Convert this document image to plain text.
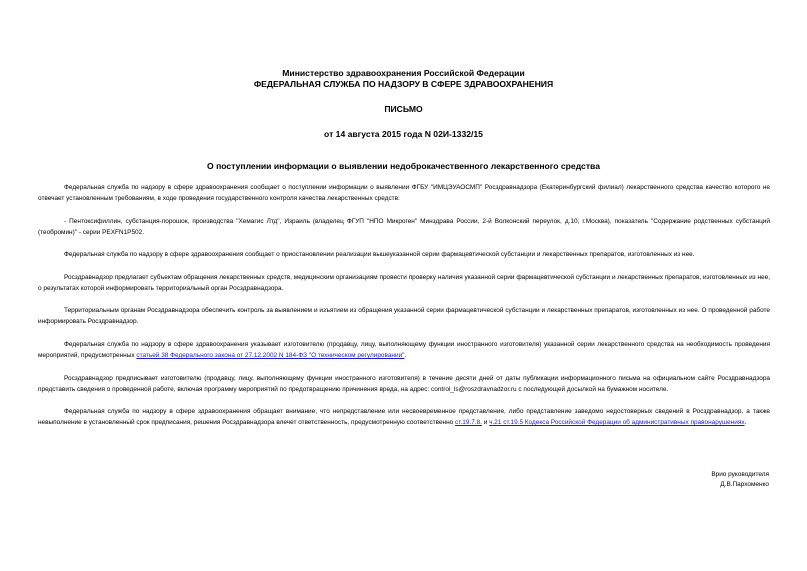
Министерство здравоохранения Российской Федерации
ФЕДЕРАЛЬНАЯ СЛУЖБА ПО НАДЗОРУ В СФЕРЕ ЗДРАВООХРАНЕНИЯ
ПИСЬМО
от 14 августа 2015 года N 02И-1332/15
О поступлении информации о выявлении недоброкачественного лекарственного средства

Федеральная служба по надзору в сфере здравоохранения сообщает о поступлении информации о выявлении ФГБУ "ИМЦЭУАОСМП" Росздравнадзора (Екатеринбургский филиал) лекарственного средства качество которого не отвечает установленным требованиям, в ходе проведения государственного контроля качества лекарственных средств:

- Пентоксифиллин, субстанция-порошок, производства "Хемагис Лтд", Израиль (владелец ФГУП "НПО Микроген" Минздрава России, 2-й Волконский переулок, д.10, г.Москва), показатель "Содержание родственных субстанций (теобромин)" - серии PEXFN1P502.

Федеральная служба по надзору в сфере здравоохранения сообщает о приостановлении реализации вышеуказанной серии фармацевтической субстанции и лекарственных препаратов, изготовленных из нее.

Росздравнадзор предлагает субъектам обращения лекарственных средств, медицинским организациям провести проверку наличия указанной серии фармацевтической субстанции и лекарственных препаратов, изготовленных из нее, о результатах которой информировать территориальный орган Росздравнадзора.

Территориальным органам Росздравнадзора обеспечить контроль за выявлением и изъятием из обращения указанной серии фармацевтической субстанции и лекарственных препаратов, изготовленных из нее. О проведенной работе информировать Росздравнадзор.

Федеральная служба по надзору в сфере здравоохранения указывает изготовителю (продавцу, лицу, выполняющему функции иностранного изготовителя) указанной серии лекарственного средства на необходимость проведения мероприятий, предусмотренных статьей 38 Федерального закона от 27.12.2002 N 184-ФЗ "О техническом регулировании".

Росздравнадзор предписывает изготовителю (продавцу, лицу, выполняющему функции иностранного изготовителя) в течение десяти дней от даты публикации информационного письма на официальном сайте Росздравнадзора представить сведения о проведенной работе, включая программу мероприятий по предотвращению причинения вреда, на адрес: control_ls@roszdravnadzor.ru с последующей досылкой на бумажном носителе.

Федеральная служба по надзору в сфере здравоохранения обращает внимание, что непредставление или несвоевременное представление, либо представление заведомо недостоверных сведений в Росздравнадзор, а также невыполнение в установленный срок предписания, решения Росздравнадзора влечет ответственность, предусмотренную соответственно ст.19.7.8. и ч.21 ст.19.5 Кодекса Российской Федерации об административных правонарушениях.

Врио руководителя
Д.В.Пархоменко
